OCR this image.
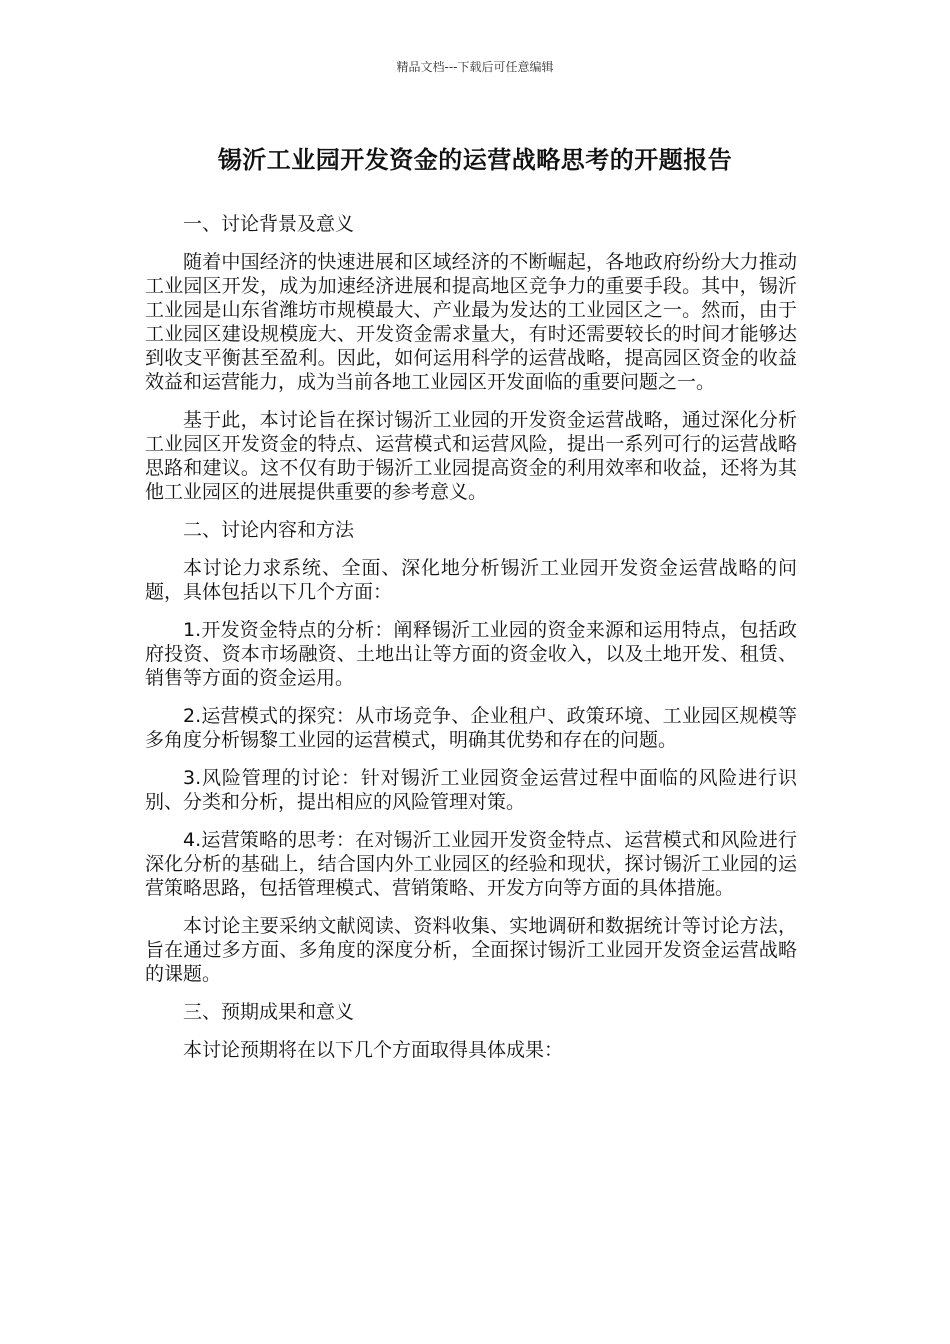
精品文档---下载后可任意编辑
锡沂工业园开发资金的运营战略思考的开题报告

一、讨论背景及意义

随着中国经济的快速进展和区域经济的不断崛起，各地政府纷纷大力推动工业园区开发，成为加速经济进展和提高地区竞争力的重要手段。其中，锡沂工业园是山东省潍坊市规模最大、产业最为发达的工业园区之一。然而，由于工业园区建设规模庞大、开发资金需求量大，有时还需要较长的时间才能够达到收支平衡甚至盈利。因此，如何运用科学的运营战略，提高园区资金的收益效益和运营能力，成为当前各地工业园区开发面临的重要问题之一。

基于此，本讨论旨在探讨锡沂工业园的开发资金运营战略，通过深化分析工业园区开发资金的特点、运营模式和运营风险，提出一系列可行的运营战略思路和建议。这不仅有助于锡沂工业园提高资金的利用效率和收益，还将为其他工业园区的进展提供重要的参考意义。

二、讨论内容和方法

本讨论力求系统、全面、深化地分析锡沂工业园开发资金运营战略的问题，具体包括以下几个方面：

1.开发资金特点的分析：阐释锡沂工业园的资金来源和运用特点，包括政府投资、资本市场融资、土地出让等方面的资金收入，以及土地开发、租赁、销售等方面的资金运用。

2.运营模式的探究：从市场竞争、企业租户、政策环境、工业园区规模等多角度分析锡黎工业园的运营模式，明确其优势和存在的问题。

3.风险管理的讨论：针对锡沂工业园资金运营过程中面临的风险进行识别、分类和分析，提出相应的风险管理对策。

4.运营策略的思考：在对锡沂工业园开发资金特点、运营模式和风险进行深化分析的基础上，结合国内外工业园区的经验和现状，探讨锡沂工业园的运营策略思路，包括管理模式、营销策略、开发方向等方面的具体措施。

本讨论主要采纳文献阅读、资料收集、实地调研和数据统计等讨论方法，旨在通过多方面、多角度的深度分析，全面探讨锡沂工业园开发资金运营战略的课题。

三、预期成果和意义

本讨论预期将在以下几个方面取得具体成果：
